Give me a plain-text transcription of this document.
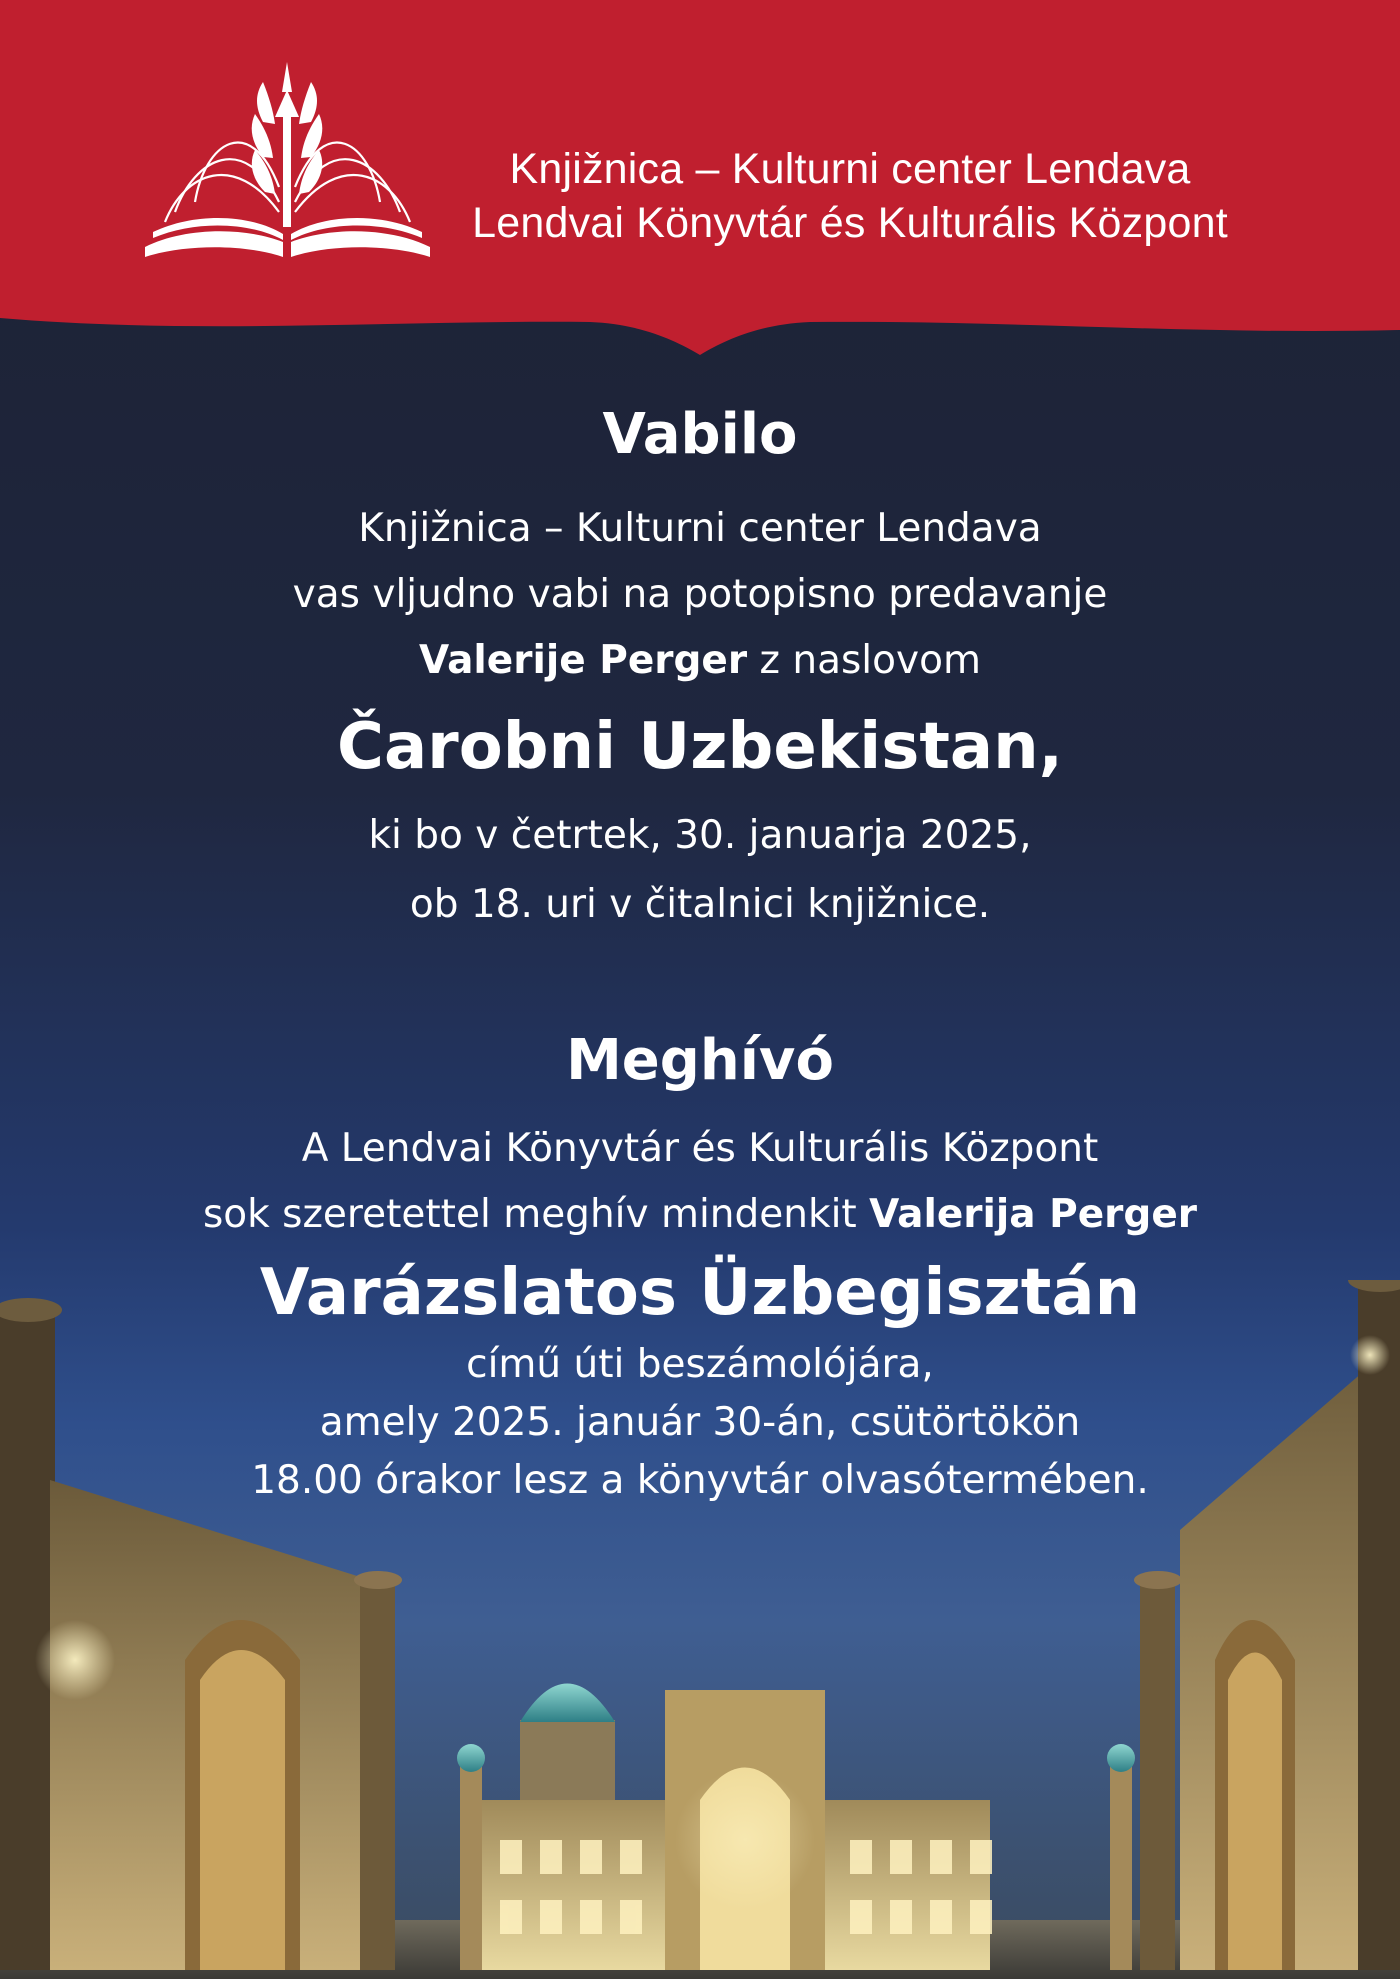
Knjižnica – Kulturni center Lendava
Lendvai Könyvtár és Kulturális Központ
Vabilo
Knjižnica – Kulturni center Lendava
vas vljudno vabi na potopisno predavanje
Valerije Perger z naslovom
Čarobni Uzbekistan,
ki bo v četrtek, 30. januarja 2025,
ob 18. uri v čitalnici knjižnice.
Meghívó
A Lendvai Könyvtár és Kulturális Központ
sok szeretettel meghív mindenkit Valerija Perger
Varázslatos Üzbegisztán
című úti beszámolójára,
amely 2025. január 30-án, csütörtökön
18.00 órakor lesz a könyvtár olvasótermében.
